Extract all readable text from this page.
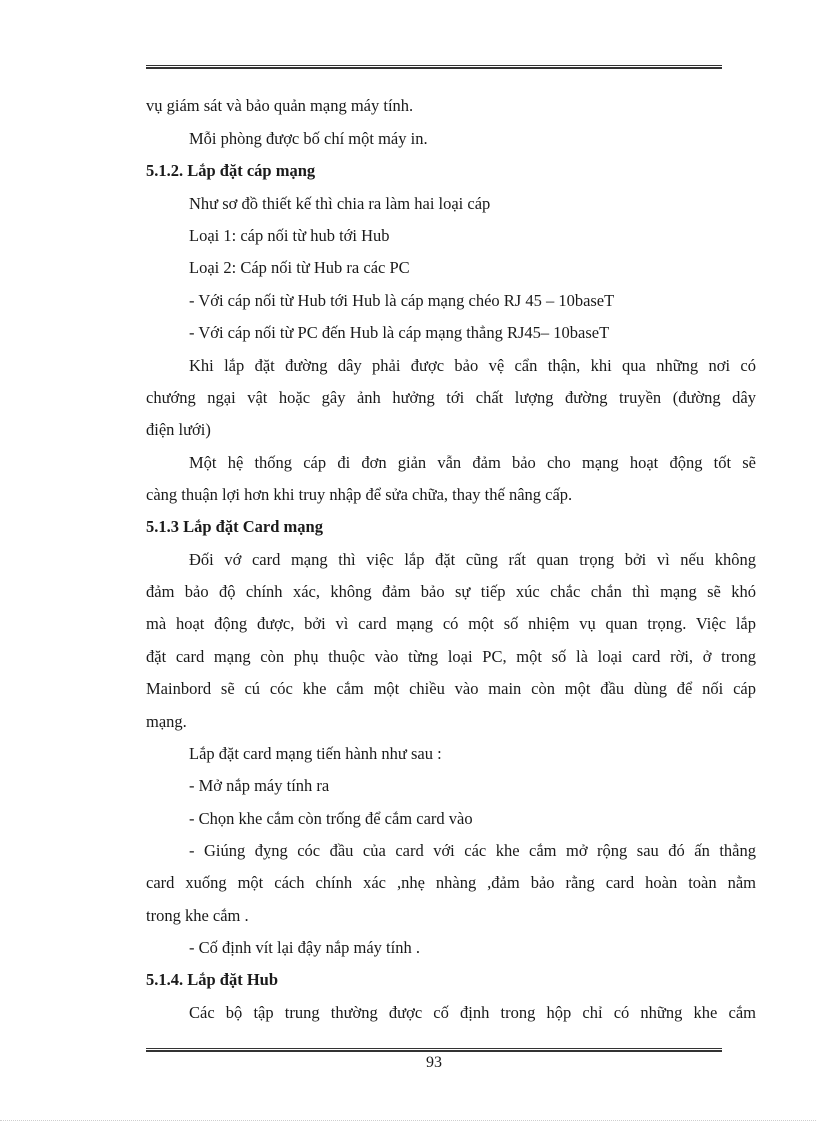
vụ giám sát và bảo quản mạng máy tính.
Mỗi phòng được bố chí một máy in.
5.1.2. Lắp đặt cáp mạng
Như sơ đồ thiết kế thì chia ra làm hai loại cáp
Loại 1: cáp nối từ hub tới Hub
Loại 2: Cáp nối từ Hub ra các PC
- Với cáp nối từ Hub tới Hub là cáp mạng chéo RJ 45 – 10baseT
- Với cáp nối từ PC đến Hub là cáp mạng thẳng RJ45– 10baseT
Khi lắp đặt đường dây phải được bảo vệ cẩn thận, khi qua những nơi có
chướng ngại vật hoặc gây ảnh hưởng tới chất lượng đường truyền (đường dây
điện lưới)
Một hệ thống cáp đi đơn giản vẫn đảm bảo cho mạng hoạt động tốt sẽ
càng thuận lợi hơn khi truy nhập để sửa chữa, thay thế nâng cấp.
5.1.3 Lắp đặt Card mạng
Đối vớ card mạng thì việc lắp đặt cũng rất quan trọng bởi vì nếu không
đảm bảo độ chính xác, không đảm bảo sự tiếp xúc chắc chắn thì mạng sẽ khó
mà hoạt động được, bởi vì card mạng có một số nhiệm vụ quan trọng. Việc lắp
đặt card mạng còn phụ thuộc vào từng loại PC, một số là loại card rời, ở trong
Mainbord sẽ cú cóc khe cắm một chiều vào main còn một đầu dùng để nối cáp
mạng.
Lắp đặt card mạng tiến hành như sau :
- Mở nắp máy tính ra
- Chọn khe cắm còn trống để cắm card vào
- Giúng đỵng cóc đầu của card với các khe cắm mở rộng sau đó ấn thẳng
card xuống một cách chính xác ,nhẹ nhàng ,đảm bảo rằng card hoàn toàn nằm
trong khe cắm .
- Cố định vít lại đậy nắp máy tính .
5.1.4. Lắp đặt Hub
Các bộ tập trung thường được cố định trong hộp chỉ có những khe cắm
93
